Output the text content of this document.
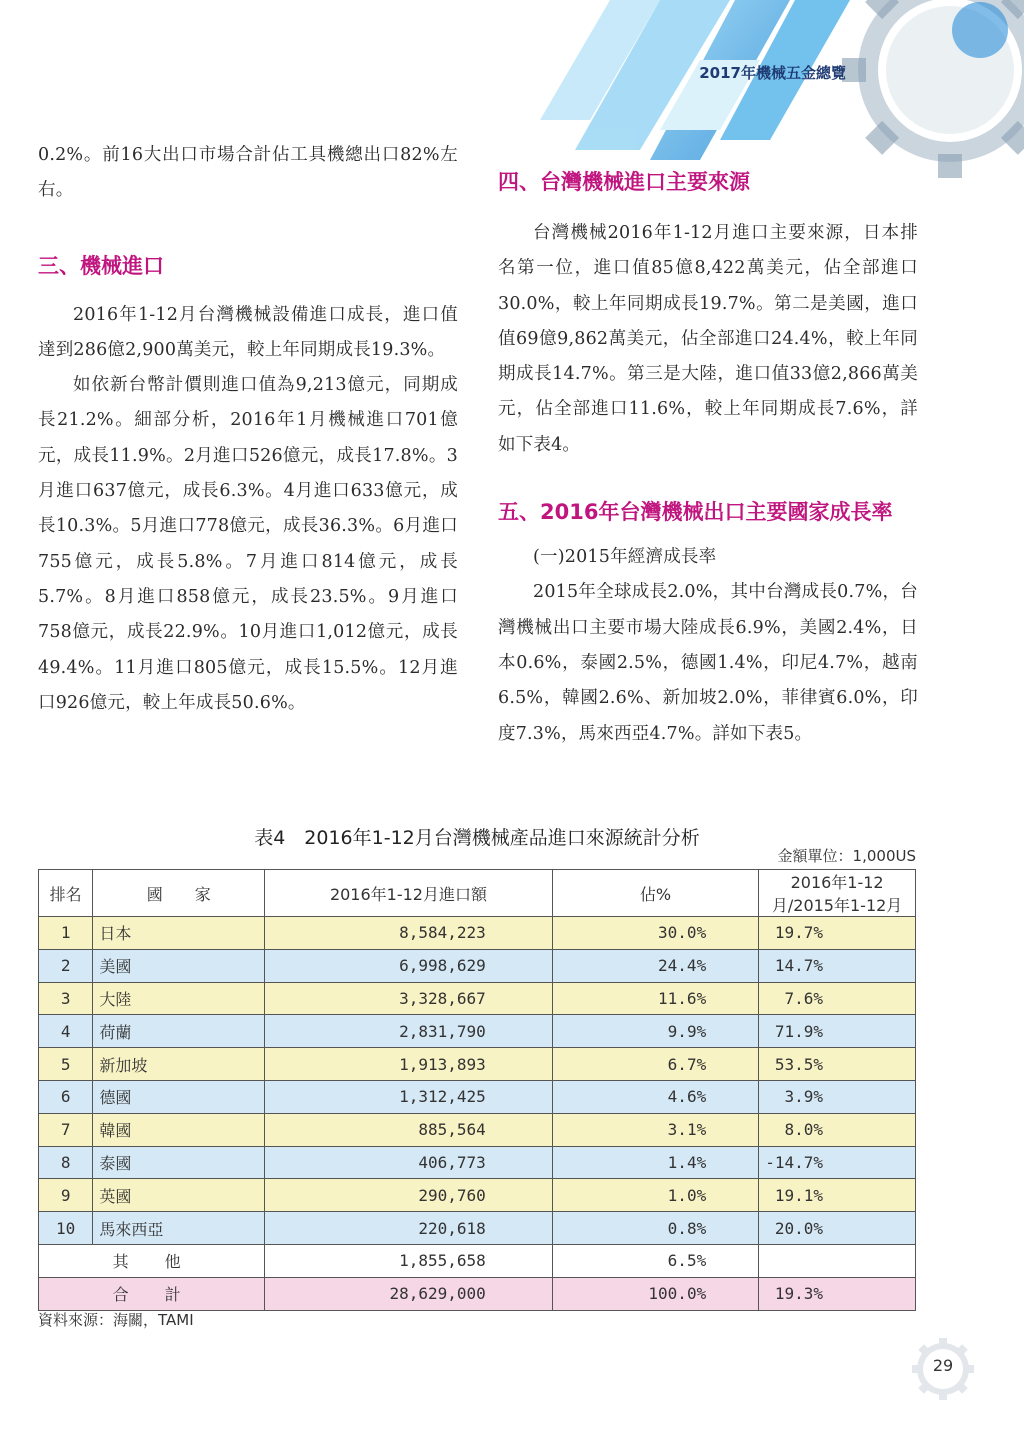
2017年機械五金總覽

0.2%。前16大出口市場合計佔工具機總出口82%左右。

三、機械進口

2016年1-12月台灣機械設備進口成長，進口值達到286億2,900萬美元，較上年同期成長19.3%。

如依新台幣計價則進口值為9,213億元，同期成長21.2%。細部分析，2016年1月機械進口701億元，成長11.9%。2月進口526億元，成長17.8%。3月進口637億元，成長6.3%。4月進口633億元，成長10.3%。5月進口778億元，成長36.3%。6月進口755億元，成長5.8%。7月進口814億元，成長5.7%。8月進口858億元，成長23.5%。9月進口758億元，成長22.9%。10月進口1,012億元，成長49.4%。11月進口805億元，成長15.5%。12月進口926億元，較上年成長50.6%。

四、台灣機械進口主要來源

台灣機械2016年1-12月進口主要來源，日本排名第一位，進口值85億8,422萬美元，佔全部進口30.0%，較上年同期成長19.7%。第二是美國，進口值69億9,862萬美元，佔全部進口24.4%，較上年同期成長14.7%。第三是大陸，進口值33億2,866萬美元，佔全部進口11.6%，較上年同期成長7.6%，詳如下表4。

五、2016年台灣機械出口主要國家成長率

(一)2015年經濟成長率

2015年全球成長2.0%，其中台灣成長0.7%，台灣機械出口主要市場大陸成長6.9%，美國2.4%，日本0.6%，泰國2.5%，德國1.4%，印尼4.7%，越南6.5%，韓國2.6%、新加坡2.0%，菲律賓6.0%，印度7.3%，馬來西亞4.7%。詳如下表5。

表4　2016年1-12月台灣機械產品進口來源統計分析
金額單位：1,000US
排名	國　　家	2016年1-12月進口額	佔%	2016年1-12月/2015年1-12月
1	日本	8,584,223	30.0%	19.7%
2	美國	6,998,629	24.4%	14.7%
3	大陸	3,328,667	11.6%	7.6%
4	荷蘭	2,831,790	9.9%	71.9%
5	新加坡	1,913,893	6.7%	53.5%
6	德國	1,312,425	4.6%	3.9%
7	韓國	885,564	3.1%	8.0%
8	泰國	406,773	1.4%	-14.7%
9	英國	290,760	1.0%	19.1%
10	馬來西亞	220,618	0.8%	20.0%
其　他		1,855,658	6.5%	
合　計		28,629,000	100.0%	19.3%
資料來源：海關，TAMI
29
